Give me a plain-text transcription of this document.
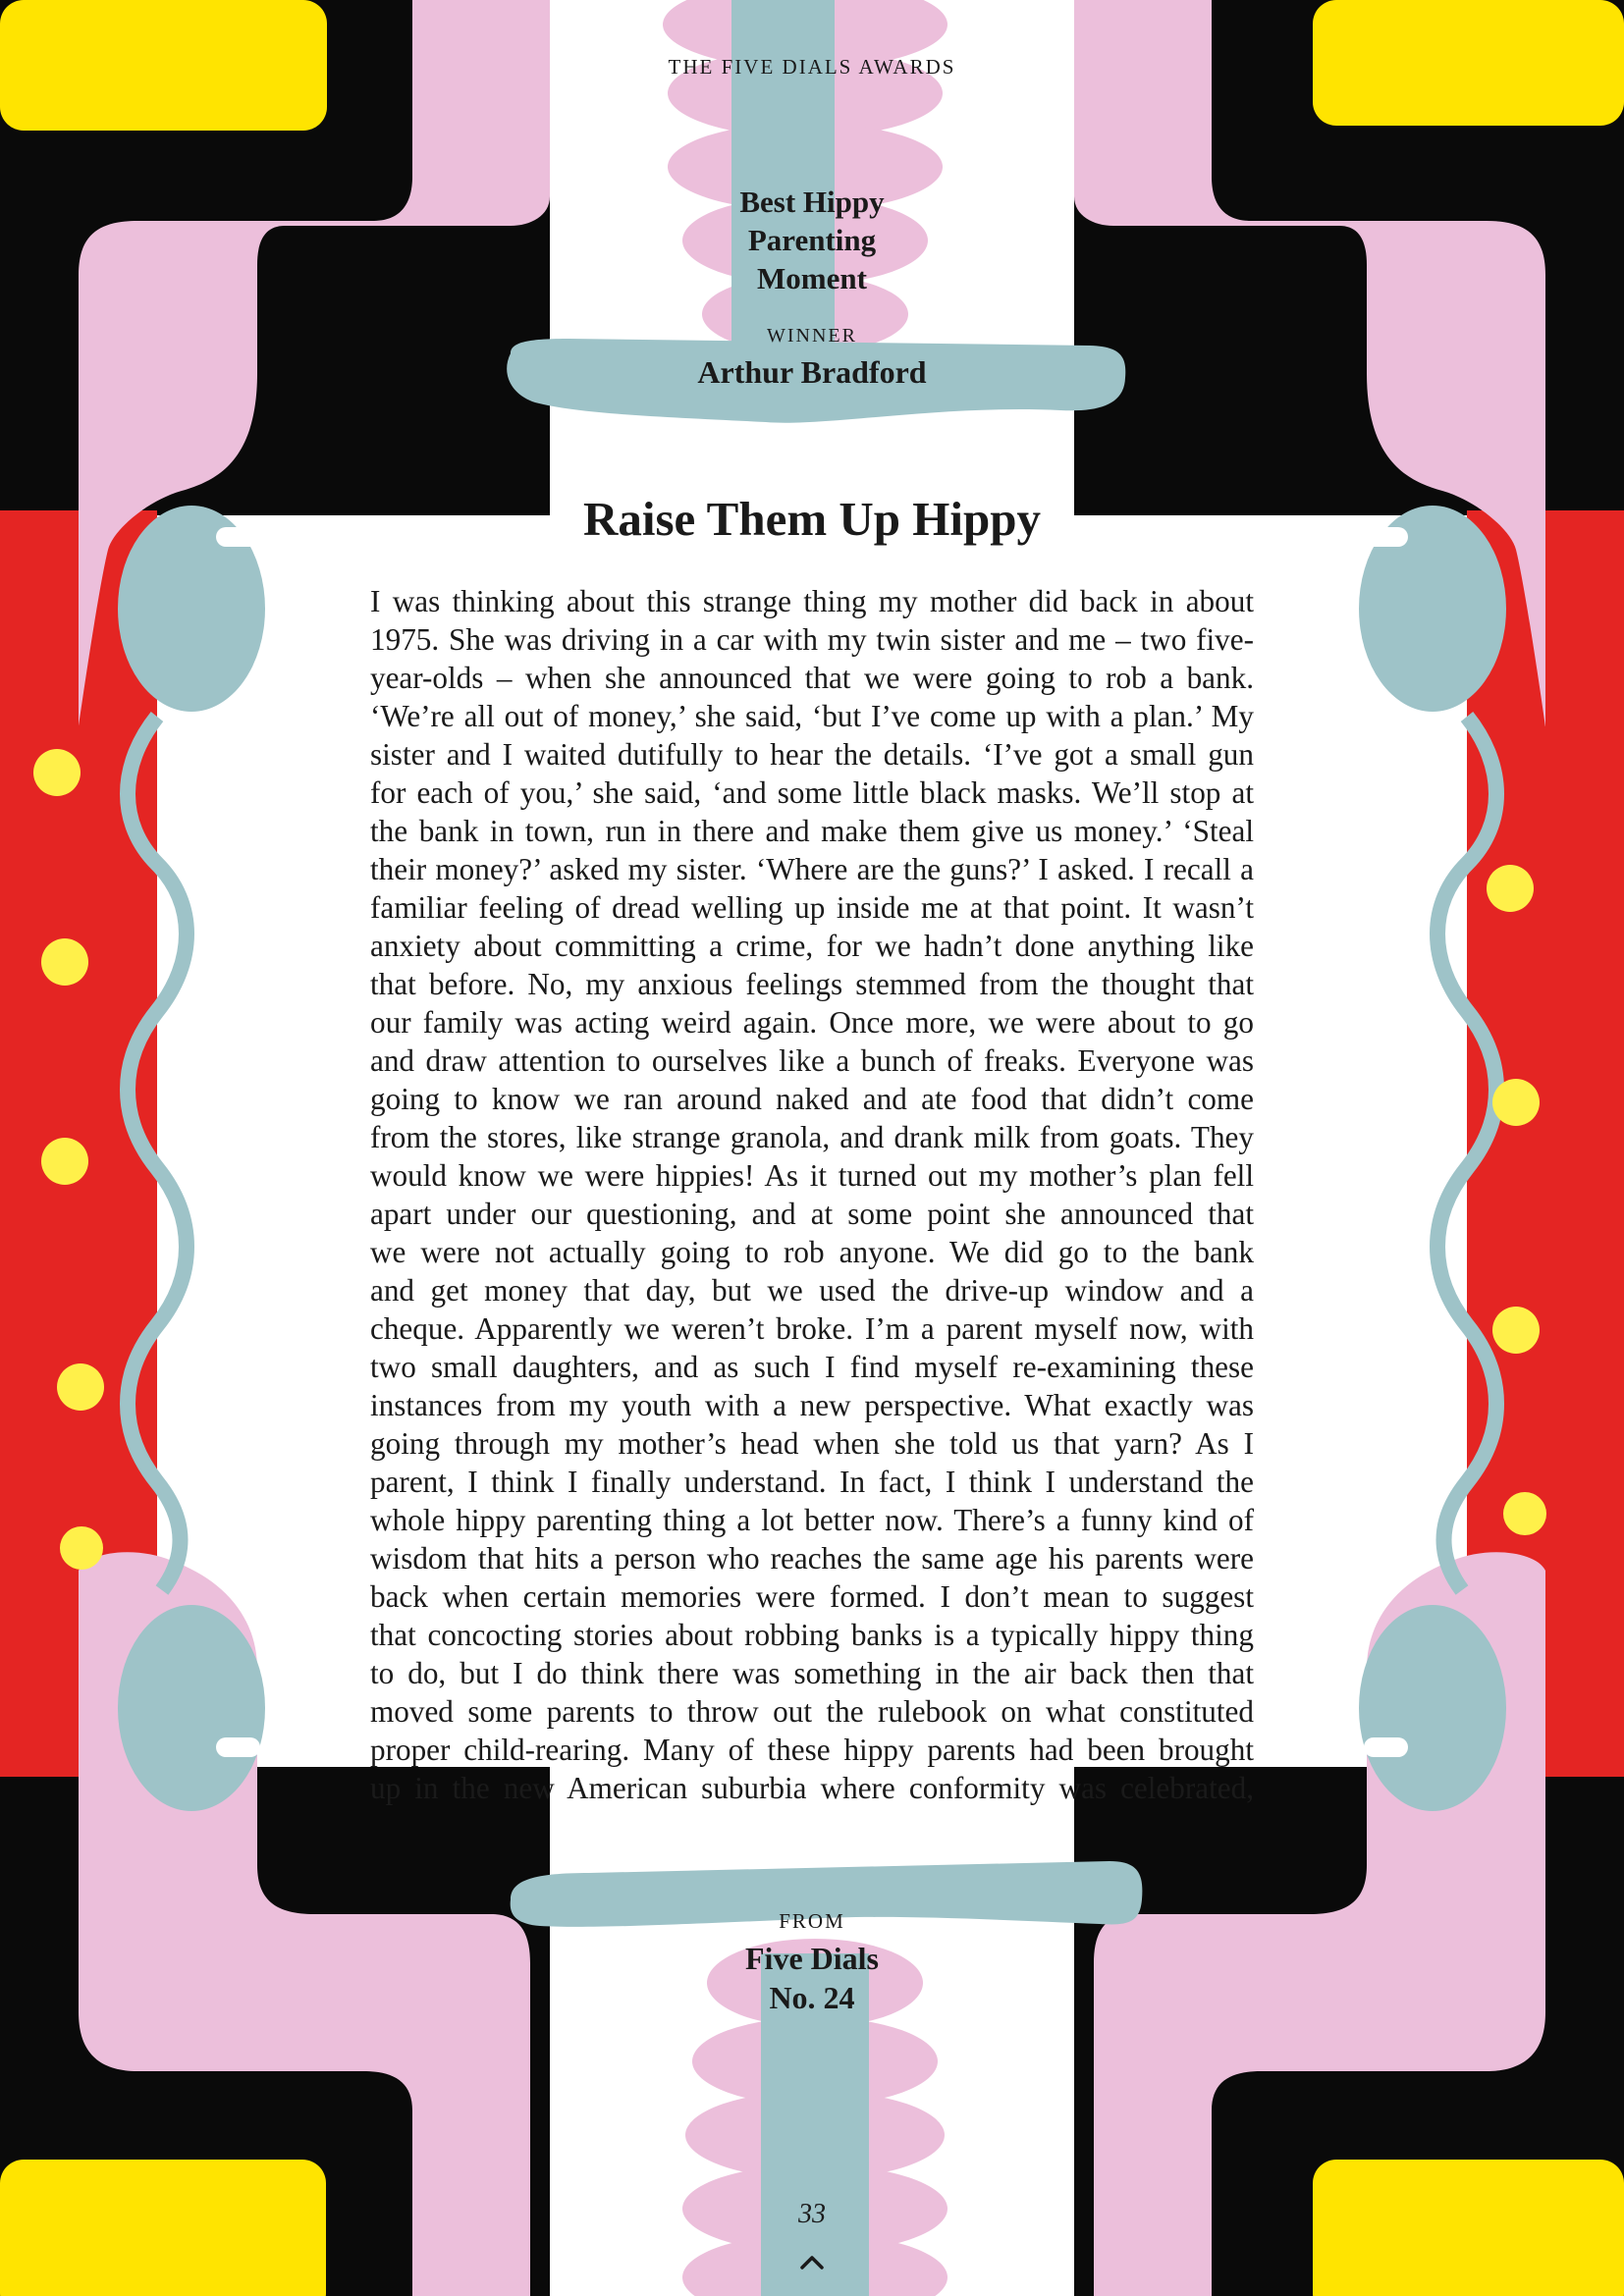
THE FIVE DIALS AWARDS
Best Hippy
Parenting
Moment
WINNER
Arthur Bradford
Raise Them Up Hippy
I was thinking about this strange thing my mother did back in about
1975. She was driving in a car with my twin sister and me – two five-
year-olds – when she announced that we were going to rob a bank.
‘We’re all out of money,’ she said, ‘but I’ve come up with a plan.’ My
sister and I waited dutifully to hear the details. ‘I’ve got a small gun
for each of you,’ she said, ‘and some little black masks. We’ll stop at
the bank in town, run in there and make them give us money.’ ‘Steal
their money?’ asked my sister. ‘Where are the guns?’ I asked. I recall a
familiar feeling of dread welling up inside me at that point. It wasn’t
anxiety about committing a crime, for we hadn’t done anything like
that before. No, my anxious feelings stemmed from the thought that
our family was acting weird again. Once more, we were about to go
and draw attention to ourselves like a bunch of freaks. Everyone was
going to know we ran around naked and ate food that didn’t come
from the stores, like strange granola, and drank milk from goats. They
would know we were hippies! As it turned out my mother’s plan fell
apart under our questioning, and at some point she announced that
we were not actually going to rob anyone. We did go to the bank
and get money that day, but we used the drive-up window and a
cheque. Apparently we weren’t broke. I’m a parent myself now, with
two small daughters, and as such I find myself re-examining these
instances from my youth with a new perspective. What exactly was
going through my mother’s head when she told us that yarn? As I
parent, I think I finally understand. In fact, I think I understand the
whole hippy parenting thing a lot better now. There’s a funny kind of
wisdom that hits a person who reaches the same age his parents were
back when certain memories were formed. I don’t mean to suggest
that concocting stories about robbing banks is a typically hippy thing
to do, but I do think there was something in the air back then that
moved some parents to throw out the rulebook on what constituted
proper child-rearing. Many of these hippy parents had been brought
up in the new American suburbia where conformity was celebrated,
FROM
Five Dials
No. 24
33
